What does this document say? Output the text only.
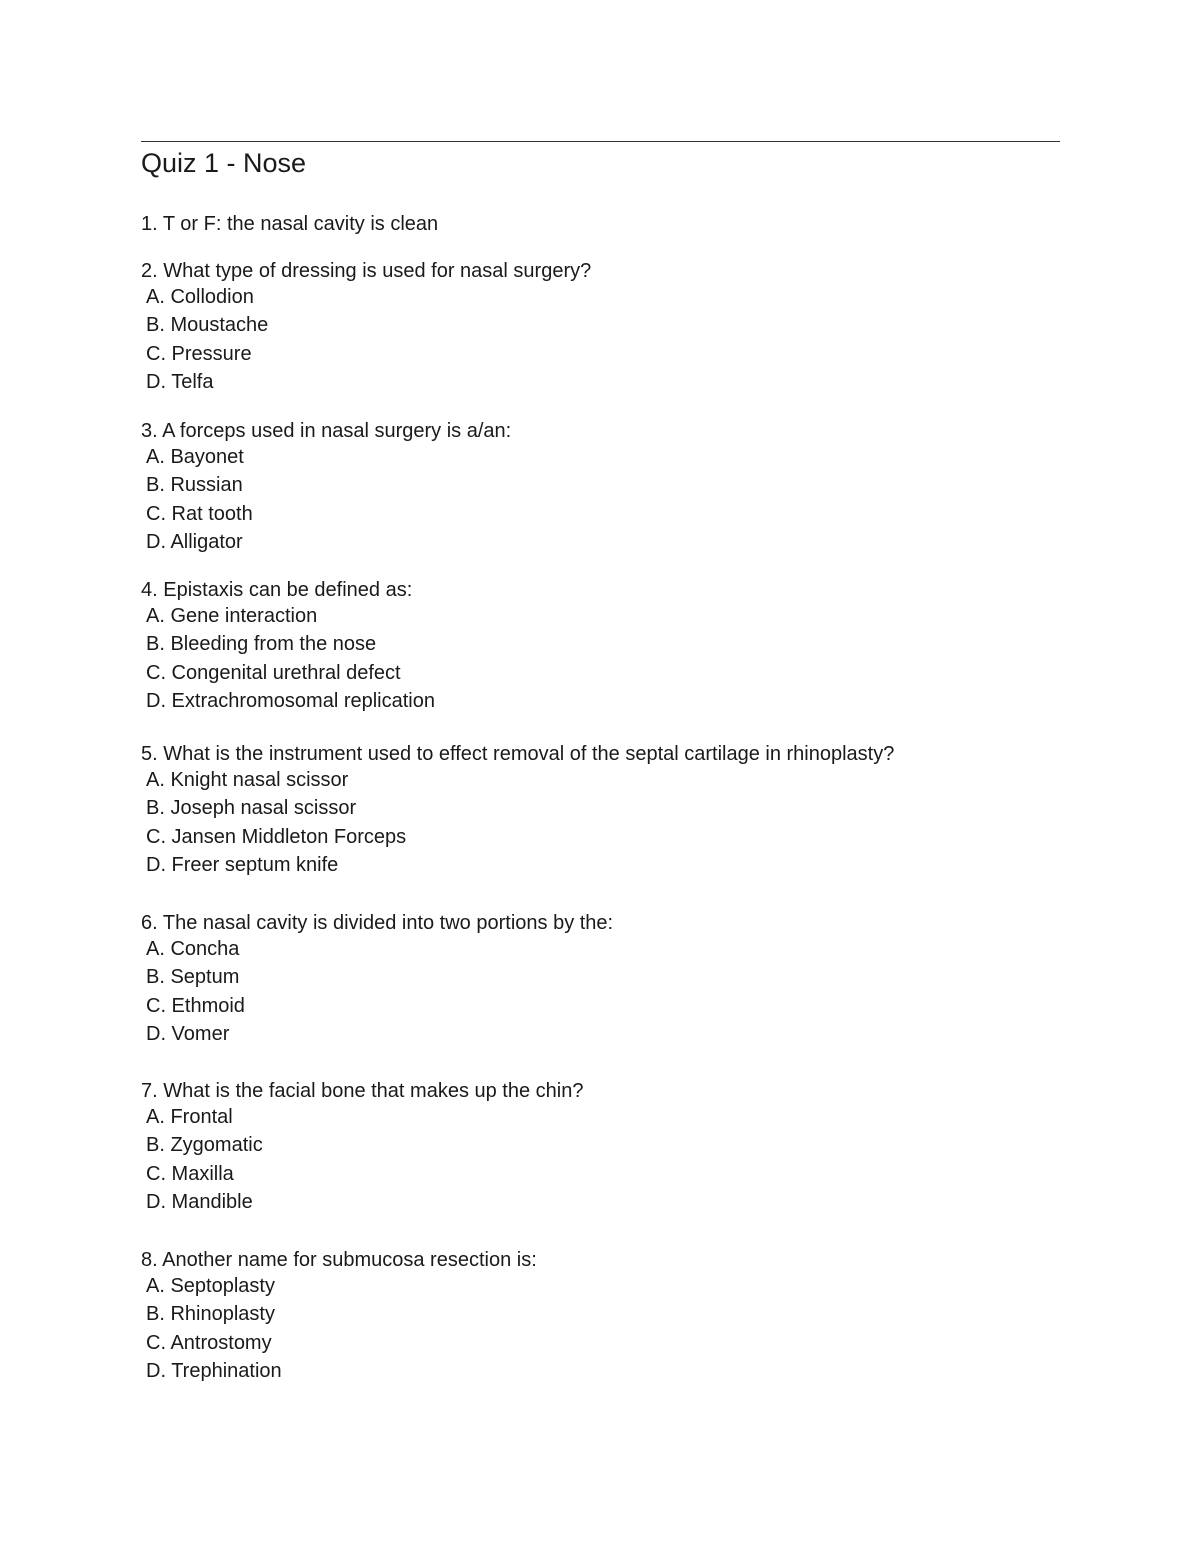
Quiz 1 - Nose
1. T or F: the nasal cavity is clean
2. What type of dressing is used for nasal surgery?
A. Collodion
B. Moustache
C. Pressure
D. Telfa
3. A forceps used in nasal surgery is a/an:
A. Bayonet
B. Russian
C. Rat tooth
D. Alligator
4. Epistaxis can be defined as:
A. Gene interaction
B. Bleeding from the nose
C. Congenital urethral defect
D. Extrachromosomal replication
5. What is the instrument used to effect removal of the septal cartilage in rhinoplasty?
A. Knight nasal scissor
B. Joseph nasal scissor
C. Jansen Middleton Forceps
D. Freer septum knife
6. The nasal cavity is divided into two portions by the:
A. Concha
B. Septum
C. Ethmoid
D. Vomer
7. What is the facial bone that makes up the chin?
A. Frontal
B. Zygomatic
C. Maxilla
D. Mandible
8. Another name for submucosa resection is:
A. Septoplasty
B. Rhinoplasty
C. Antrostomy
D. Trephination
